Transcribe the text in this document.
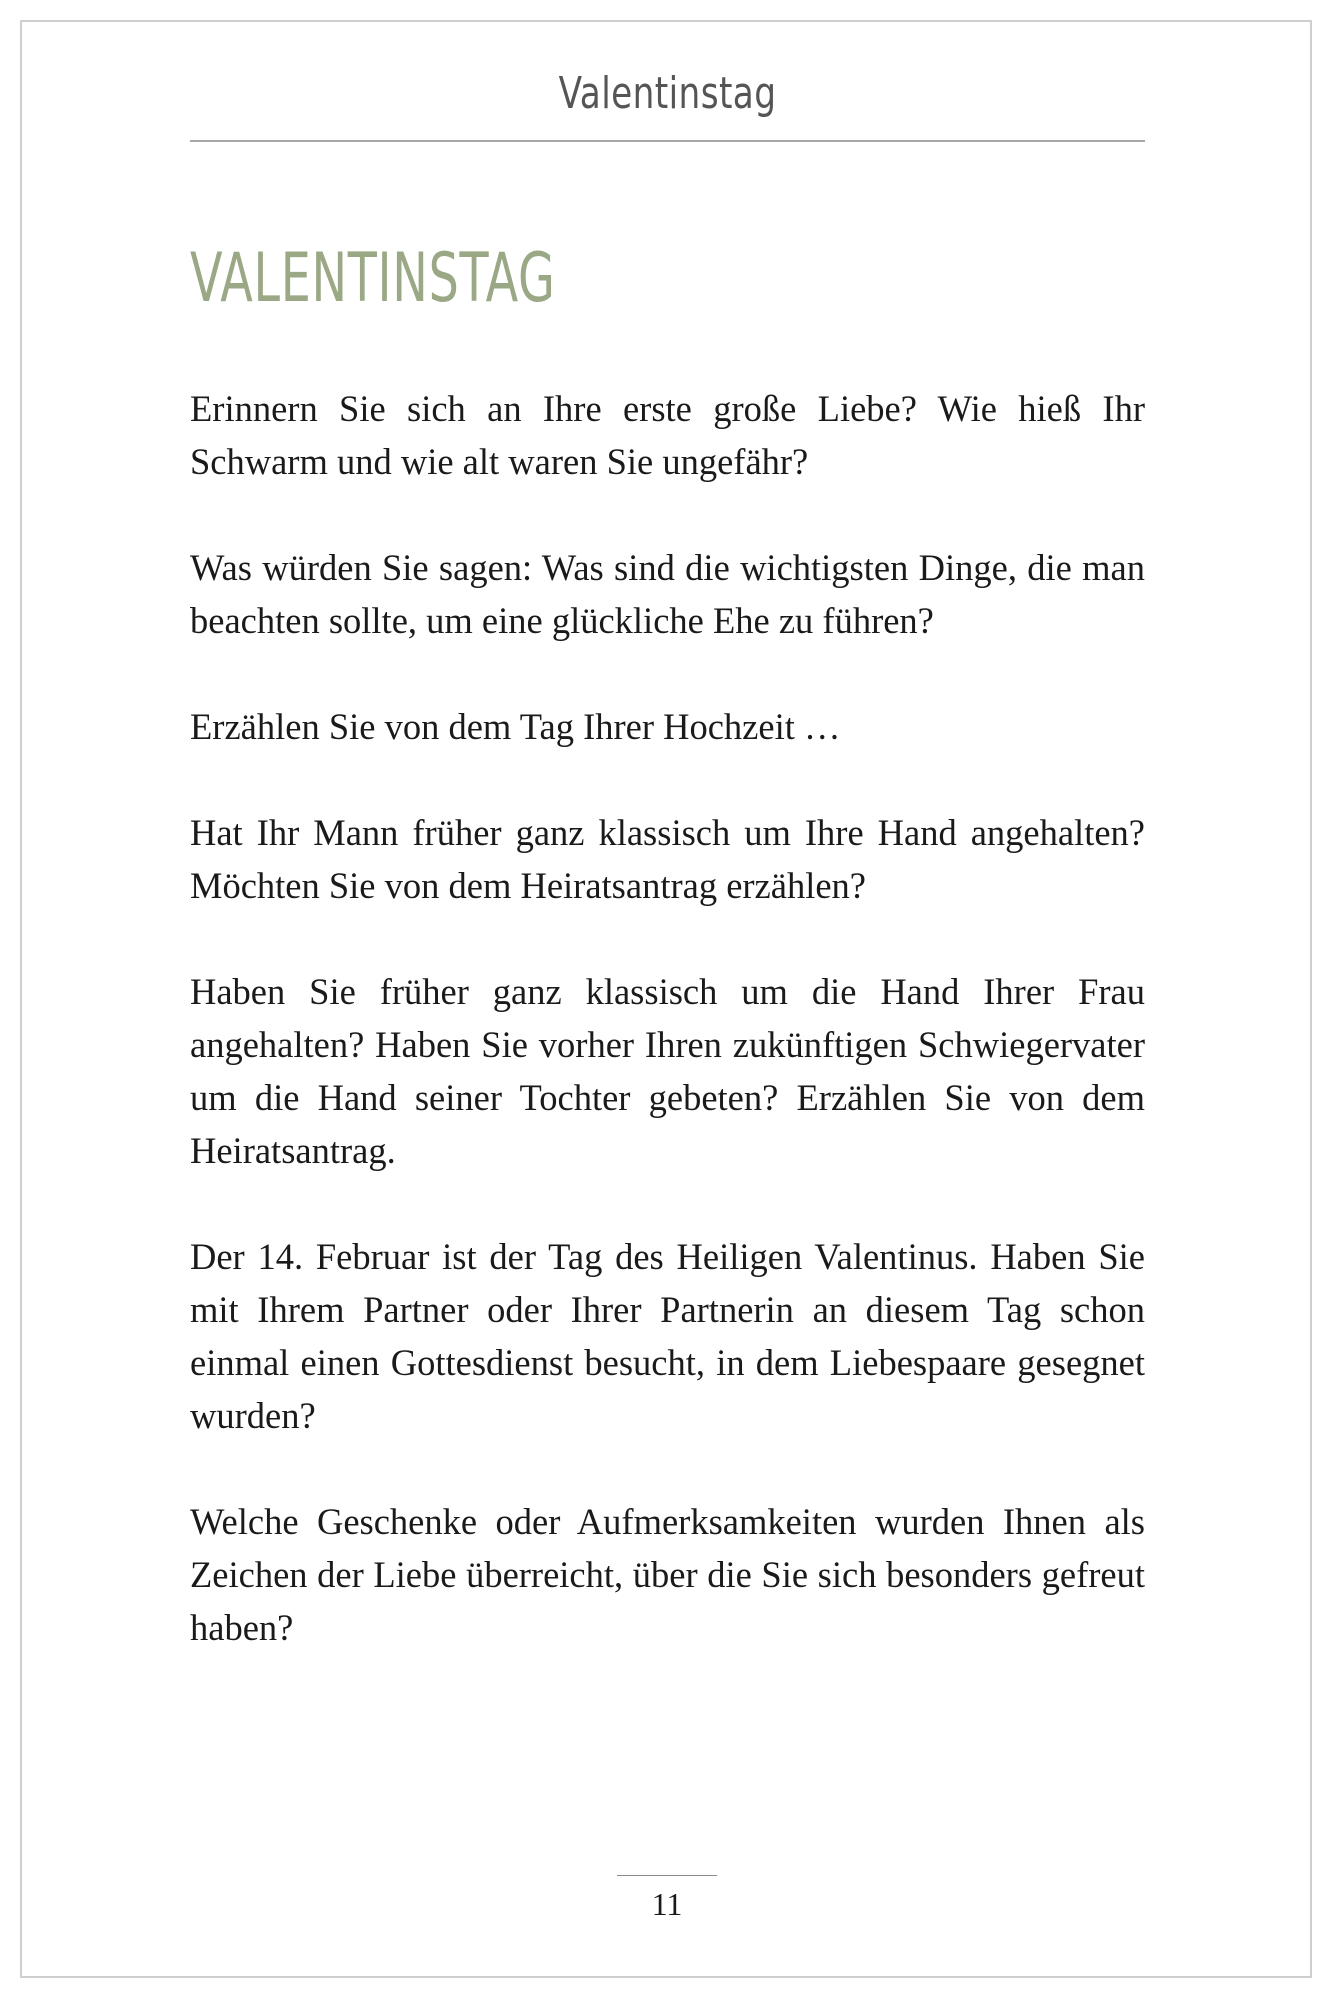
Valentinstag
VALENTINSTAG

Erinnern Sie sich an Ihre erste große Liebe? Wie hieß Ihr Schwarm und wie alt waren Sie ungefähr?

Was würden Sie sagen: Was sind die wichtigsten Dinge, die man beachten sollte, um eine glückliche Ehe zu führen?

Erzählen Sie von dem Tag Ihrer Hochzeit …

Hat Ihr Mann früher ganz klassisch um Ihre Hand angehalten? Möchten Sie von dem Heiratsantrag erzählen?

Haben Sie früher ganz klassisch um die Hand Ihrer Frau angehalten? Haben Sie vorher Ihren zukünftigen Schwiegervater um die Hand seiner Tochter gebeten? Erzählen Sie von dem Heiratsantrag.

Der 14. Februar ist der Tag des Heiligen Valentinus. Haben Sie mit Ihrem Partner oder Ihrer Partnerin an diesem Tag schon einmal einen Gottesdienst besucht, in dem Liebespaare gesegnet wurden?

Welche Geschenke oder Aufmerksamkeiten wurden Ihnen als Zeichen der Liebe überreicht, über die Sie sich besonders gefreut haben?

11
